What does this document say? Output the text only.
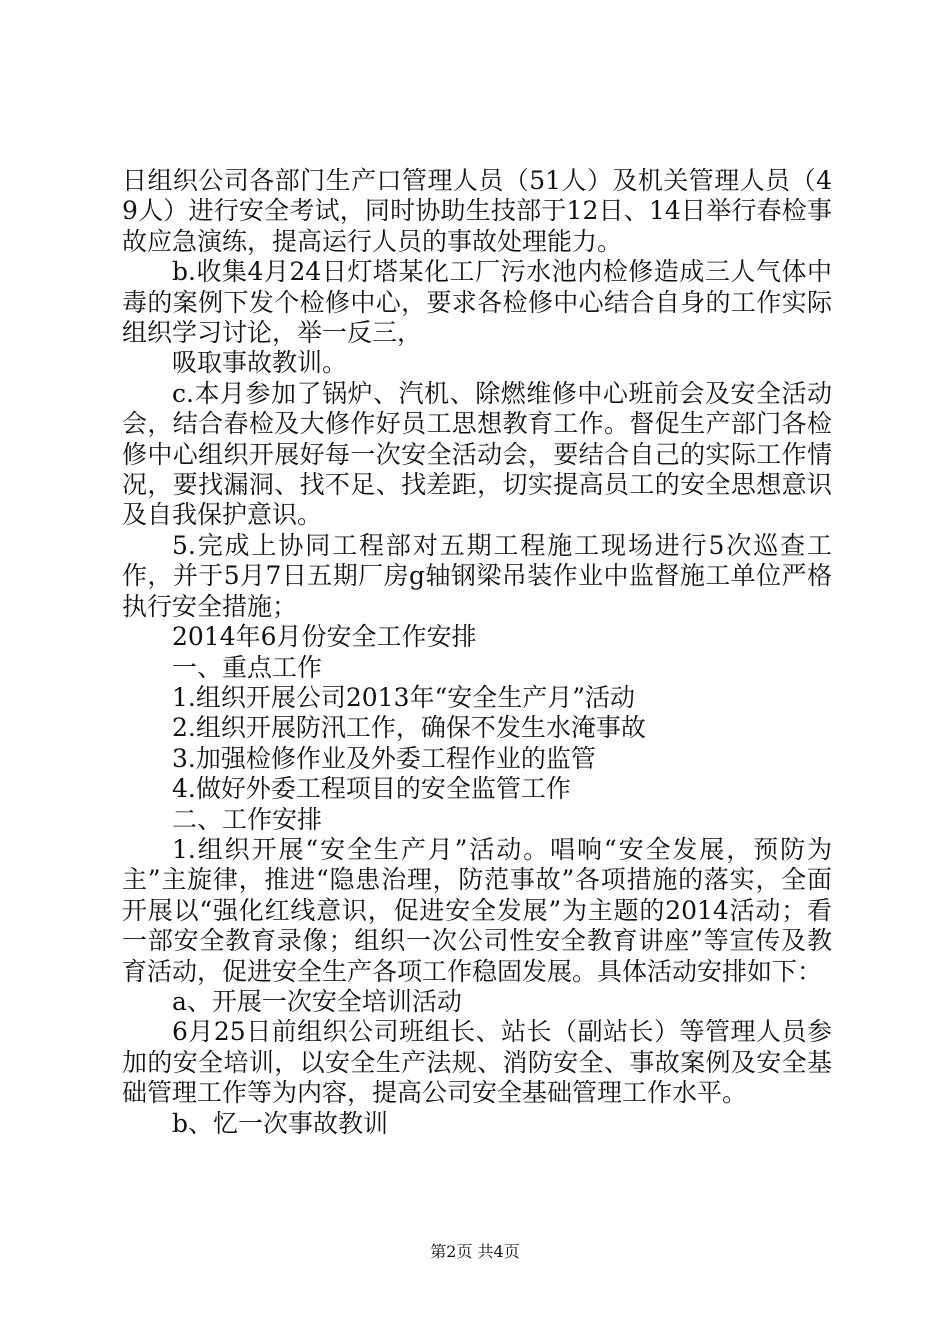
日组织公司各部门生产口管理人员（51人）及机关管理人员（49人）进行安全考试，同时协助生技部于12日、14日举行春检事故应急演练，提高运行人员的事故处理能力。

b.收集4月24日灯塔某化工厂污水池内检修造成三人气体中毒的案例下发个检修中心，要求各检修中心结合自身的工作实际组织学习讨论，举一反三，

吸取事故教训。

c.本月参加了锅炉、汽机、除燃维修中心班前会及安全活动会，结合春检及大修作好员工思想教育工作。督促生产部门各检修中心组织开展好每一次安全活动会，要结合自己的实际工作情况，要找漏洞、找不足、找差距，切实提高员工的安全思想意识及自我保护意识。

5.完成上协同工程部对五期工程施工现场进行5次巡查工作，并于5月7日五期厂房g轴钢梁吊装作业中监督施工单位严格执行安全措施；

2014年6月份安全工作安排

一、重点工作

1.组织开展公司2013年“安全生产月”活动

2.组织开展防汛工作，确保不发生水淹事故

3.加强检修作业及外委工程作业的监管

4.做好外委工程项目的安全监管工作

二、工作安排

1.组织开展“安全生产月”活动。唱响“安全发展，预防为主”主旋律，推进“隐患治理，防范事故”各项措施的落实，全面开展以“强化红线意识，促进安全发展”为主题的2014活动；看一部安全教育录像；组织一次公司性安全教育讲座”等宣传及教育活动，促进安全生产各项工作稳固发展。具体活动安排如下：

a、开展一次安全培训活动

6月25日前组织公司班组长、站长（副站长）等管理人员参加的安全培训，以安全生产法规、消防安全、事故案例及安全基础管理工作等为内容，提高公司安全基础管理工作水平。

b、忆一次事故教训

第2页 共4页
